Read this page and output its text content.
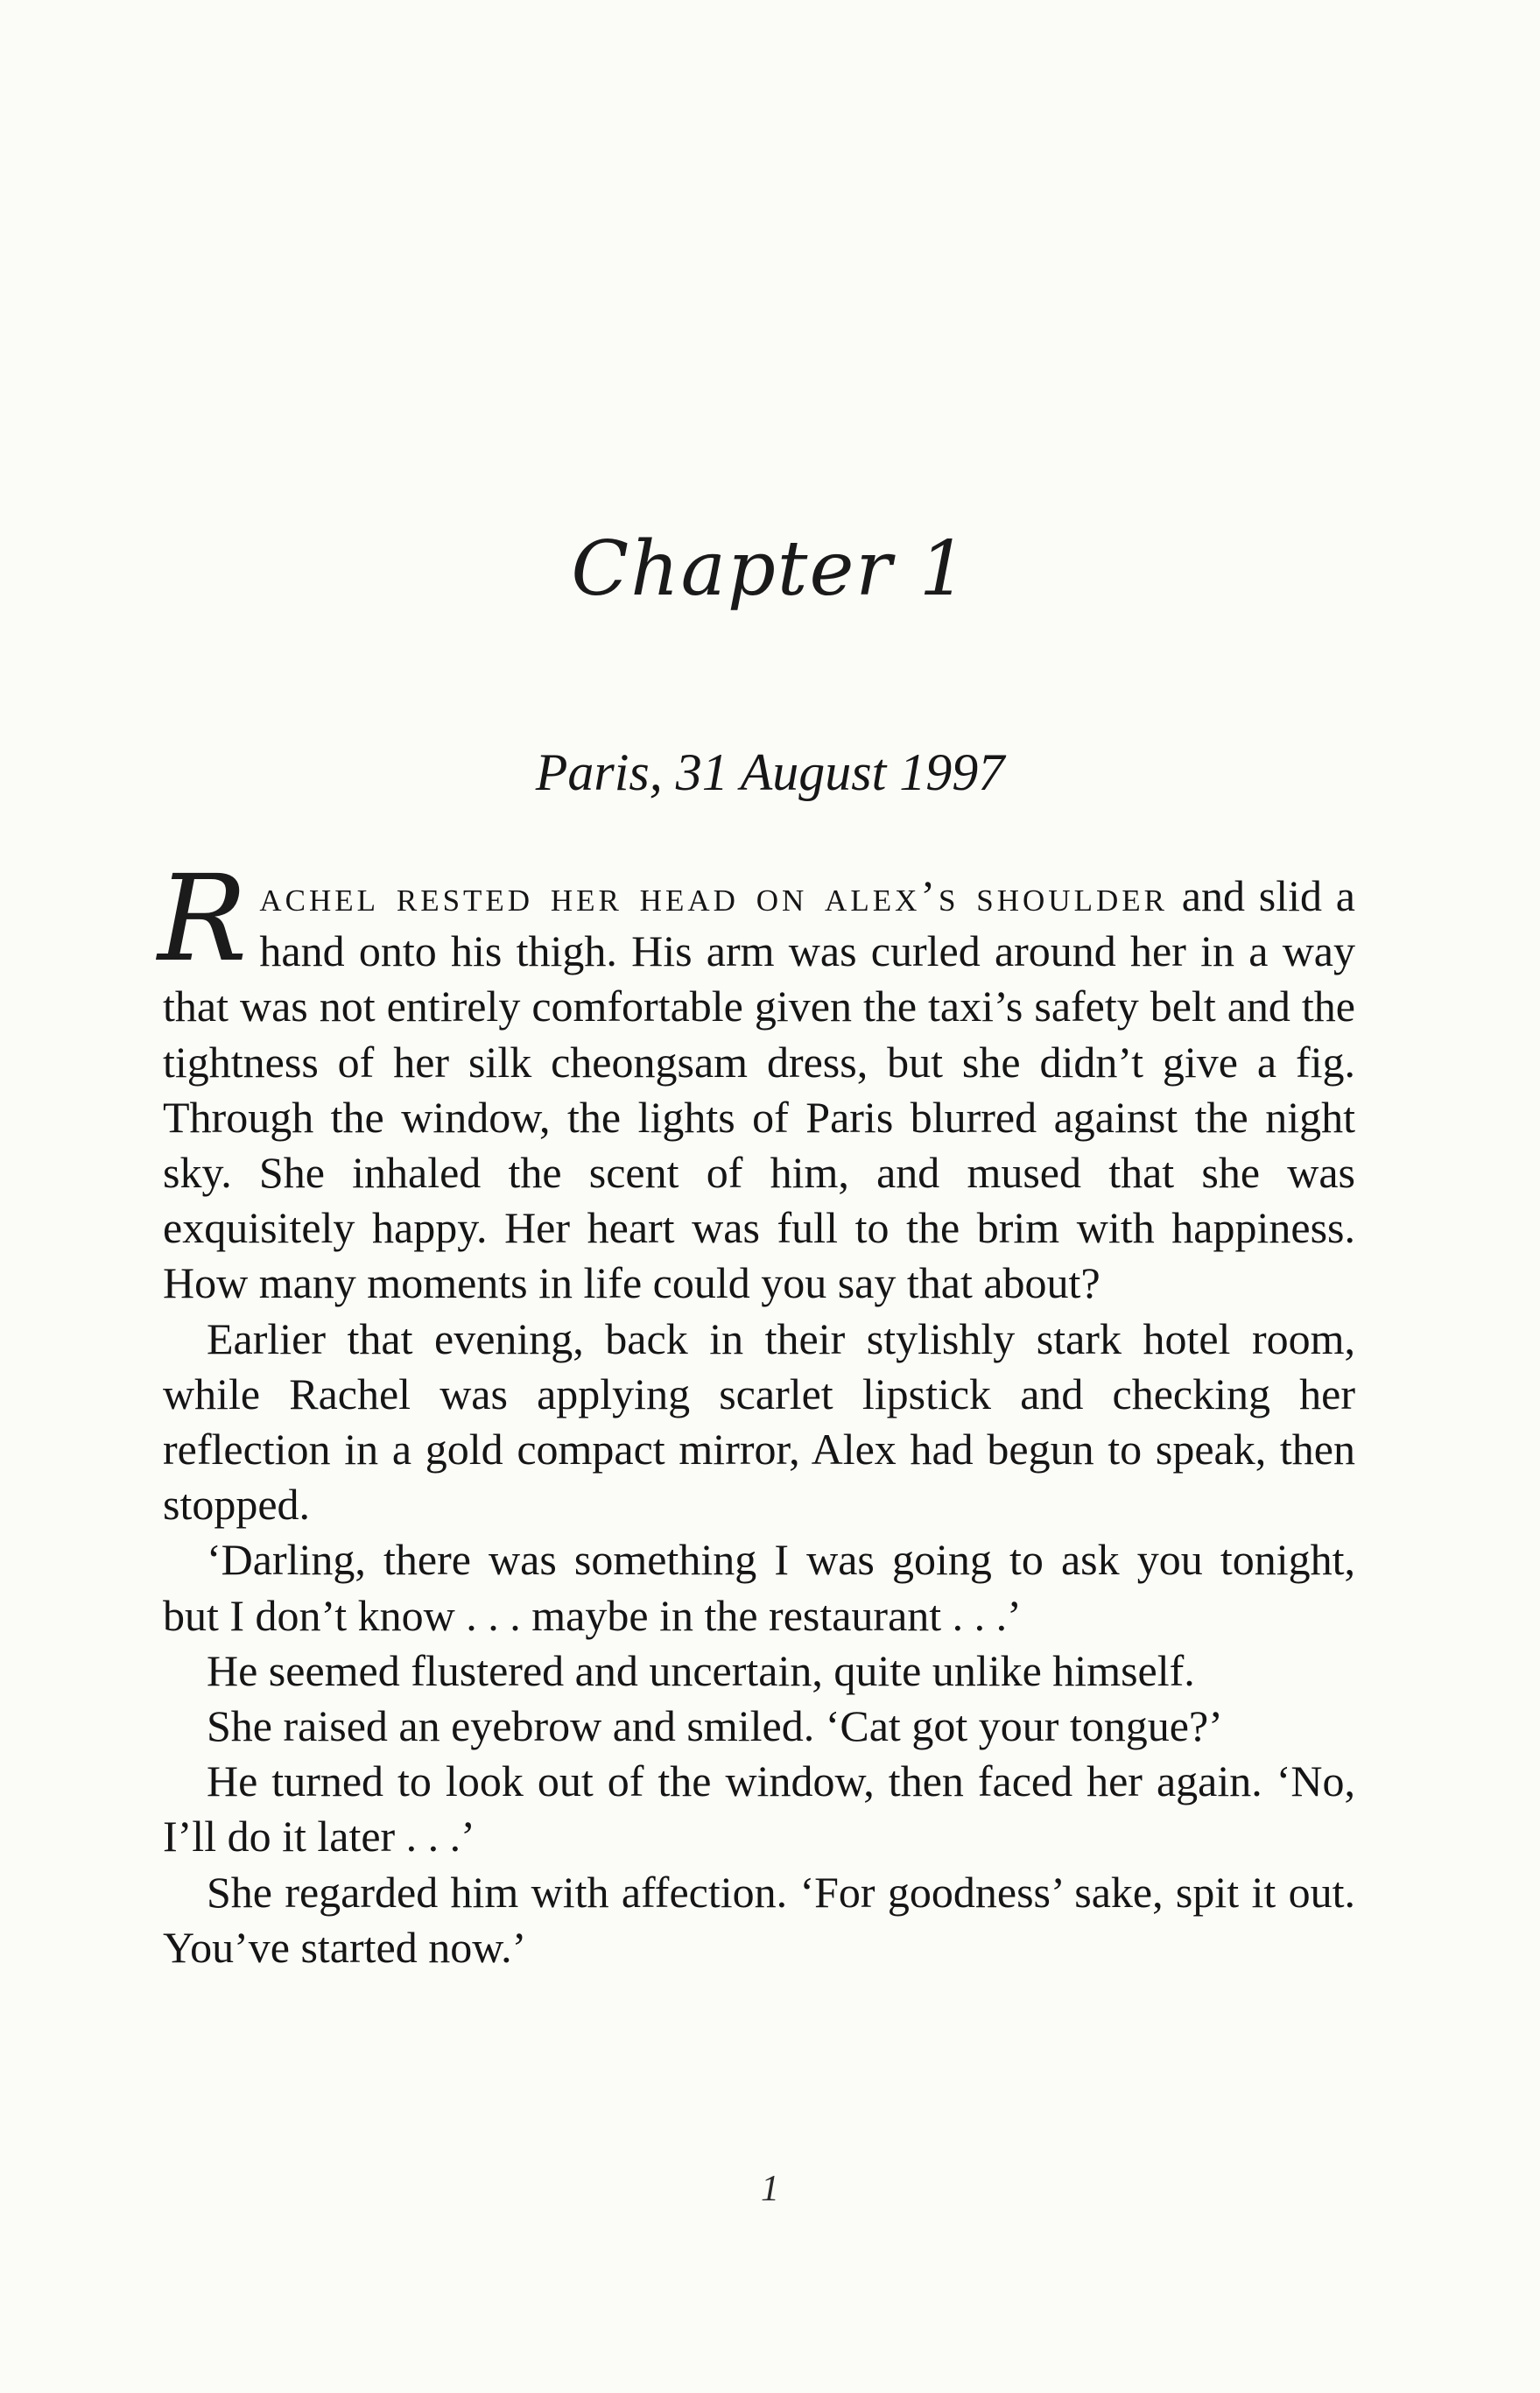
Chapter 1
Paris, 31 August 1997

Rachel rested her head on alex’s shoulder and slid a hand onto his thigh. His arm was curled around her in a way that was not entirely comfortable given the taxi’s safety belt and the tightness of her silk cheongsam dress, but she didn’t give a fig. Through the window, the lights of Paris blurred against the night sky. She inhaled the scent of him, and mused that she was exquisitely happy. Her heart was full to the brim with happiness. How many moments in life could you say that about?

Earlier that evening, back in their stylishly stark hotel room, while Rachel was applying scarlet lipstick and checking her reflection in a gold compact mirror, Alex had begun to speak, then stopped.

‘Darling, there was something I was going to ask you tonight, but I don’t know . . . maybe in the restaurant . . .’

He seemed flustered and uncertain, quite unlike himself.

She raised an eyebrow and smiled. ‘Cat got your tongue?’

He turned to look out of the window, then faced her again. ‘No, I’ll do it later . . .’

She regarded him with affection. ‘For goodness’ sake, spit it out. You’ve started now.’

1
